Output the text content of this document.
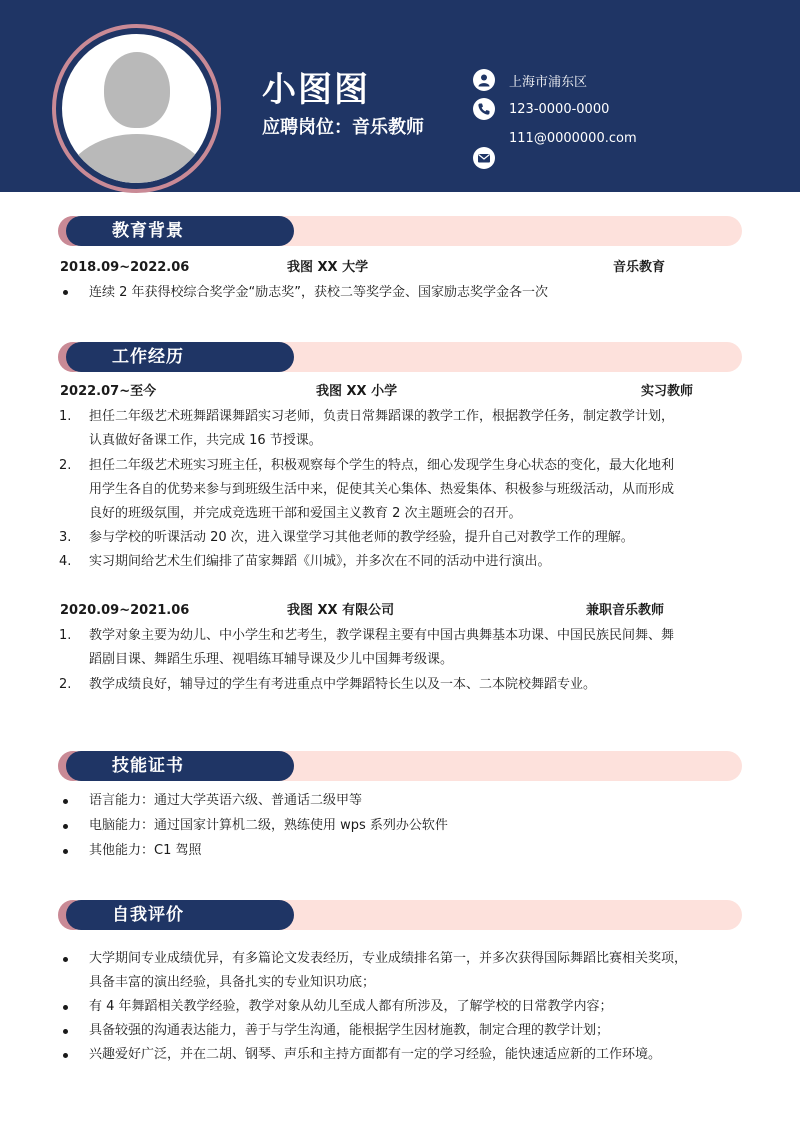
小图图
应聘岗位：音乐教师
上海市浦东区
123-0000-0000
111@0000000.com
教育背景
2018.09~2022.06	我图 XX 大学	音乐教育
连续 2 年获得校综合奖学金“励志奖”，获校二等奖学金、国家励志奖学金各一次
工作经历
2022.07~至今	我图 XX 小学	实习教师
1. 担任二年级艺术班舞蹈课舞蹈实习老师，负责日常舞蹈课的教学工作，根据教学任务，制定教学计划，
认真做好备课工作，共完成 16 节授课。
2. 担任二年级艺术班实习班主任，积极观察每个学生的特点，细心发现学生身心状态的变化，最大化地利
用学生各自的优势来参与到班级生活中来，促使其关心集体、热爱集体、积极参与班级活动，从而形成
良好的班级氛围，并完成竞选班干部和爱国主义教育 2 次主题班会的召开。
3. 参与学校的听课活动 20 次，进入课堂学习其他老师的教学经验，提升自己对教学工作的理解。
4. 实习期间给艺术生们编排了苗家舞蹈《川城》，并多次在不同的活动中进行演出。
2020.09~2021.06	我图 XX 有限公司	兼职音乐教师
1. 教学对象主要为幼儿、中小学生和艺考生，教学课程主要有中国古典舞基本功课、中国民族民间舞、舞
蹈剧目课、舞蹈生乐理、视唱练耳辅导课及少儿中国舞考级课。
2. 教学成绩良好，辅导过的学生有考进重点中学舞蹈特长生以及一本、二本院校舞蹈专业。
技能证书
语言能力：通过大学英语六级、普通话二级甲等
电脑能力：通过国家计算机二级，熟练使用 wps 系列办公软件
其他能力：C1 驾照
自我评价
大学期间专业成绩优异，有多篇论文发表经历，专业成绩排名第一，并多次获得国际舞蹈比赛相关奖项，
具备丰富的演出经验，具备扎实的专业知识功底；
有 4 年舞蹈相关教学经验，教学对象从幼儿至成人都有所涉及，了解学校的日常教学内容；
具备较强的沟通表达能力，善于与学生沟通，能根据学生因材施教，制定合理的教学计划；
兴趣爱好广泛，并在二胡、钢琴、声乐和主持方面都有一定的学习经验，能快速适应新的工作环境。
